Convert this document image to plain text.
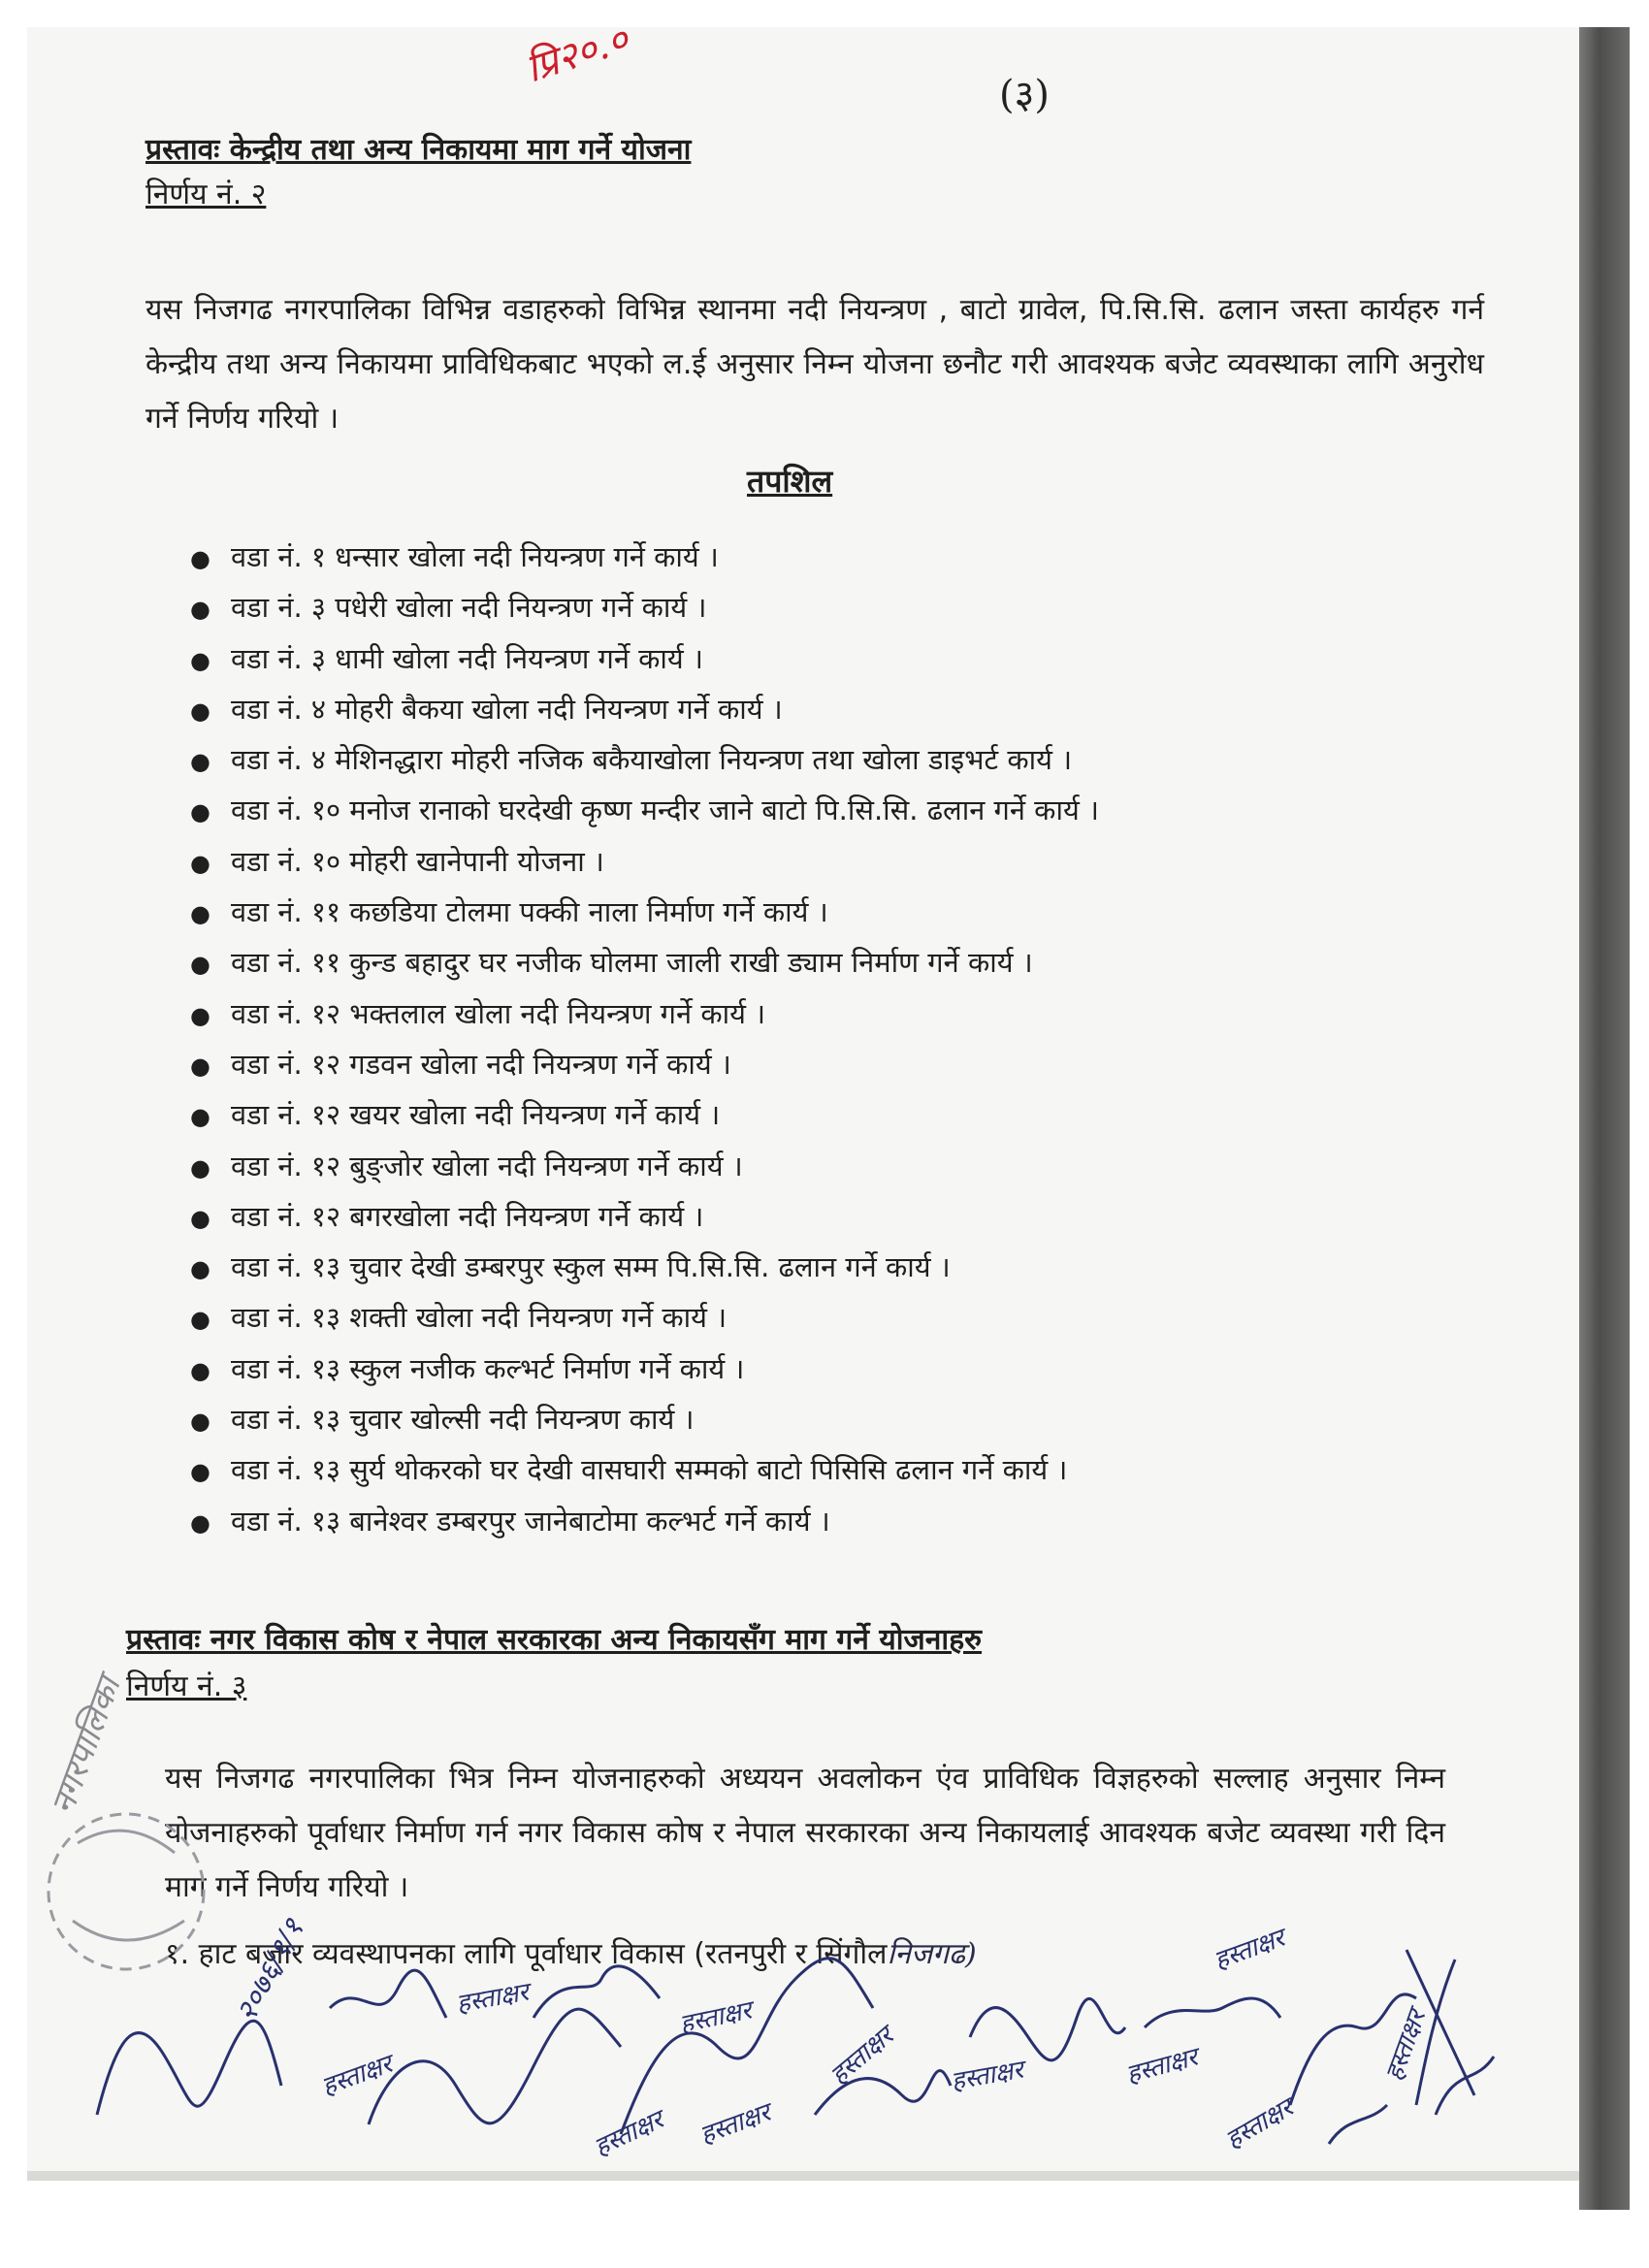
(३)
प्रि२०.०
प्रस्तावः केन्द्रीय तथा अन्य निकायमा माग गर्ने योजना
निर्णय नं. २
यस निजगढ नगरपालिका विभिन्न वडाहरुको विभिन्न स्थानमा नदी नियन्त्रण , बाटो ग्रावेल, पि.सि.सि. ढलान जस्ता कार्यहरु गर्न केन्द्रीय तथा अन्य निकायमा प्राविधिकबाट भएको ल.ई अनुसार निम्न योजना छनौट गरी आवश्यक बजेट व्यवस्थाका लागि अनुरोध गर्ने निर्णय गरियो ।
तपशिल
● वडा नं. १ धन्सार खोला नदी नियन्त्रण गर्ने कार्य ।
● वडा नं. ३ पधेरी खोला नदी नियन्त्रण गर्ने कार्य ।
● वडा नं. ३ धामी खोला नदी नियन्त्रण गर्ने कार्य ।
● वडा नं. ४ मोहरी बैकया खोला नदी नियन्त्रण गर्ने कार्य ।
● वडा नं. ४ मेशिनद्धारा मोहरी नजिक बकैयाखोला नियन्त्रण तथा खोला डाइभर्ट कार्य ।
● वडा नं. १० मनोज रानाको घरदेखी कृष्ण मन्दीर जाने बाटो पि.सि.सि. ढलान गर्ने कार्य ।
● वडा नं. १० मोहरी खानेपानी योजना ।
● वडा नं. ११ कछडिया टोलमा पक्की नाला निर्माण गर्ने कार्य ।
● वडा नं. ११ कुन्ड बहादुर घर नजीक घोलमा जाली राखी ड्याम निर्माण गर्ने कार्य ।
● वडा नं. १२ भक्तलाल खोला नदी नियन्त्रण गर्ने कार्य ।
● वडा नं. १२ गडवन खोला नदी नियन्त्रण गर्ने कार्य ।
● वडा नं. १२ खयर खोला नदी नियन्त्रण गर्ने कार्य ।
● वडा नं. १२ बुङ्जोर खोला नदी नियन्त्रण गर्ने कार्य ।
● वडा नं. १२ बगरखोला नदी नियन्त्रण गर्ने कार्य ।
● वडा नं. १३ चुवार देखी डम्बरपुर स्कुल सम्म पि.सि.सि. ढलान गर्ने कार्य ।
● वडा नं. १३ शक्ती खोला नदी नियन्त्रण गर्ने कार्य ।
● वडा नं. १३ स्कुल नजीक कल्भर्ट निर्माण गर्ने कार्य ।
● वडा नं. १३ चुवार खोल्सी नदी नियन्त्रण कार्य ।
● वडा नं. १३ सुर्य थोकरको घर देखी वासघारी सम्मको बाटो पिसिसि ढलान गर्ने कार्य ।
● वडा नं. १३ बानेश्वर डम्बरपुर जानेबाटोमा कल्भर्ट गर्ने कार्य ।
प्रस्तावः नगर विकास कोष र नेपाल सरकारका अन्य निकायसँग माग गर्ने योजनाहरु
निर्णय नं. ३
यस निजगढ नगरपालिका भित्र निम्न योजनाहरुको अध्ययन अवलोकन एंव प्राविधिक विज्ञहरुको सल्लाह अनुसार निम्न योजनाहरुको पूर्वाधार निर्माण गर्न नगर विकास कोष र नेपाल सरकारका अन्य निकायलाई आवश्यक बजेट व्यवस्था गरी दिन माग गर्ने निर्णय गरियो ।
१. हाट बजार व्यवस्थापनका लागि पूर्वाधार विकास (रतनपुरी र सिंगौलनिजगढ)
नगरपालिका
२०७६/१/१
हस्ताक्षर
हस्ताक्षर
हस्ताक्षर
हस्ताक्षर
हस्ताक्षर
हस्ताक्षर हस्ताक्षर	हस्ताक्षर
हस्ताक्षर
हस्ताक्षर
हस्ताक्षर
